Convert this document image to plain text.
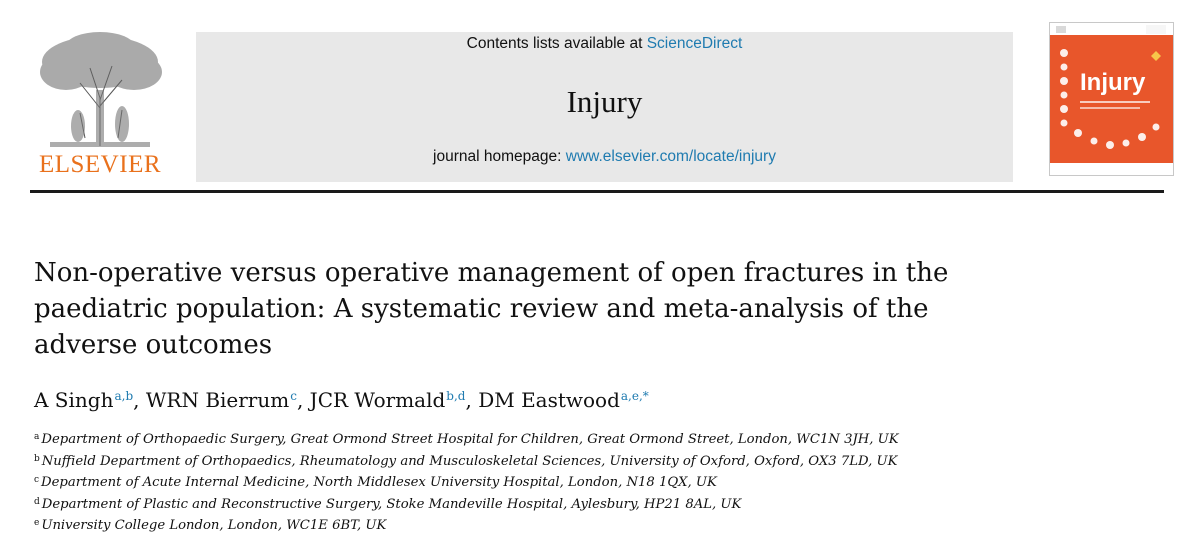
ELSEVIER
Contents lists available at ScienceDirect
Injury
journal homepage: www.elsevier.com/locate/injury
Injury
Non-operative versus operative management of open fractures in the paediatric population: A systematic review and meta-analysis of the adverse outcomes
A Singh$^{a,b}$, WRN Bierrum$^c$, JCR Wormald$^{b,d}$, DM Eastwood$^{a,e,*}$
$^a$ Department of Orthopaedic Surgery, Great Ormond Street Hospital for Children, Great Ormond Street, London, WC1N 3JH, UK
$^b$ Nuffield Department of Orthopaedics, Rheumatology and Musculoskeletal Sciences, University of Oxford, Oxford, OX3 7LD, UK
$^c$ Department of Acute Internal Medicine, North Middlesex University Hospital, London, N18 1QX, UK
$^d$ Department of Plastic and Reconstructive Surgery, Stoke Mandeville Hospital, Aylesbury, HP21 8AL, UK
$^e$ University College London, London, WC1E 6BT, UK
